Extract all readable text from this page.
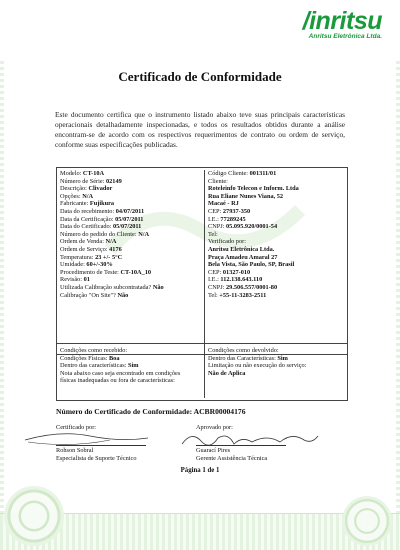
/inritsu
Anritsu Eletrônica Ltda.
Certificado de Conformidade
Este documento certifica que o instrumento listado abaixo teve suas principais características operacionais detalhadamente inspecionadas, e todos os resultados obtidos durante a análise encontram-se de acordo com os respectivos requerimentos de contrato ou ordem de serviço, conforme suas especificações publicadas.
Modelo: CT-10A
Número de Série: 02149
Descrição: Clivador
Opções: N/A
Fabricante: Fujikura
Data do recebimento: 04/07/2011
Data da Certificação: 05/07/2011
Data do Certificado: 05/07/2011
Número do pedido do Cliente: N/A
Ordem de Venda: N/A
Ordem de Serviço: 4176
Temperatura: 23 +/- 5°C
Umidade: 60+/-30%
Procedimento de Teste: CT-10A_10
Revisão: 01
Utilizada Calibração subcontratada? Não
Calibração "On Site"? Não
Código Cliente: 001311/01
Cliente:
Roteleinfo Telecon e Inform. Ltda
Rua Eliane Nunes Viana, 52
Macaé - RJ
CEP: 27937-350
I.E.: 77289245
CNPJ: 05.095.920/0001-54
Tel:
Verificado por:
Anritsu Eletrônica Ltda.
Praça Amadeu Amaral 27
Bela Vista, São Paulo, SP, Brasil
CEP: 01327-010
I.E.: 112.138.643.110
CNPJ: 29.506.557/0001-80
Tel: +55-11-3283-2511
Condições como recebido:
Condições Físicas: Boa
Dentro das características: Sim
Nota abaixo caso seja encontrado em condições
físicas inadequadas ou fora de características:
Condições como devolvido:
Dentro das Características: Sim
Limitação ou não execução do serviço:
Não de Aplica
Número do Certificado de Conformidade: ACBR00004176
Certificado por:
Rohson Sobral
Especialista de Suporte Técnico
Aprovado por:
Guarací Pires
Gerente Assistência Técnica
Página 1 de 1
